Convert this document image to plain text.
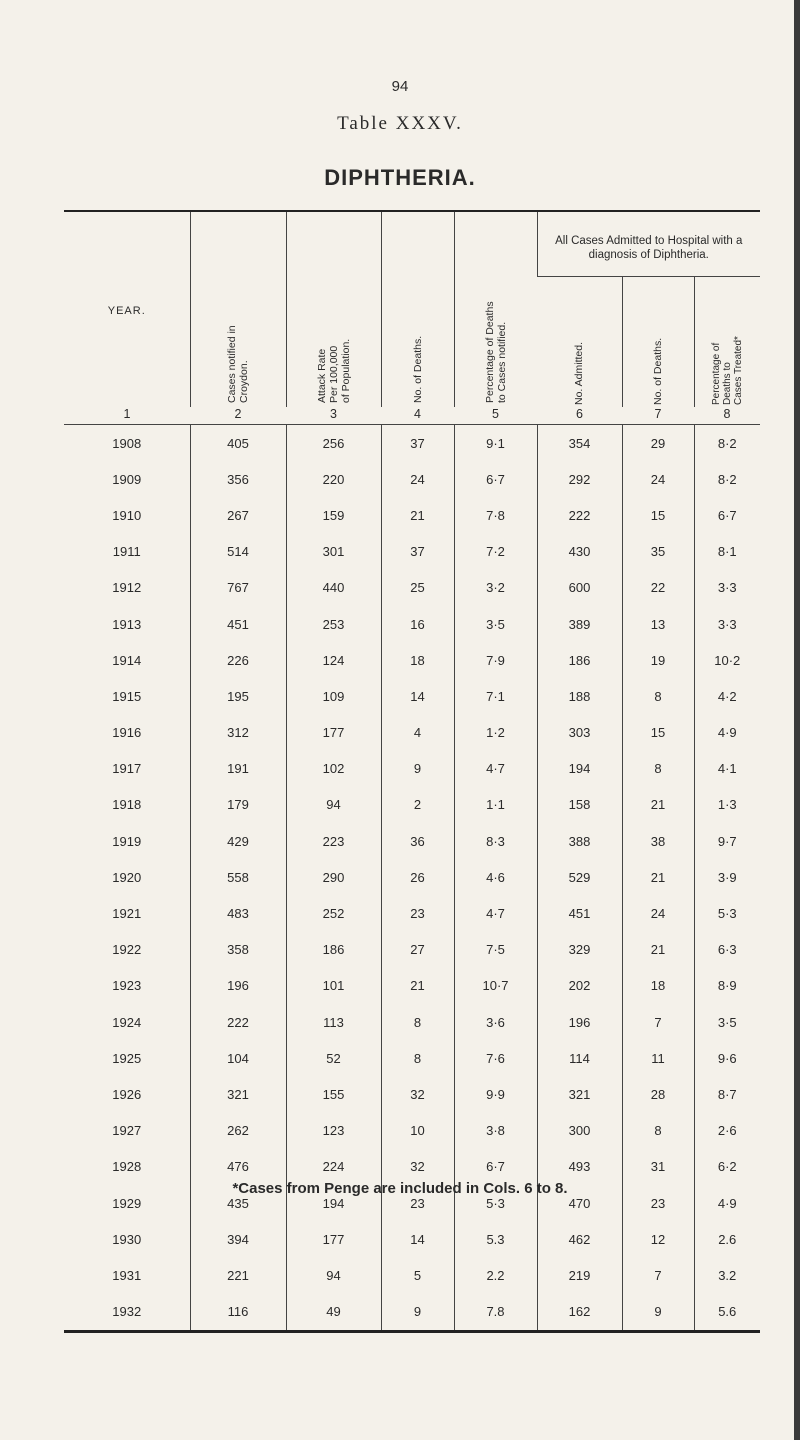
94
Table XXXV.
DIPHTHERIA.

YEAR.	Cases notified in Croydon.	Attack Rate
Per 100,000
of Population.	No. of Deaths.	Percentage of Deaths
to Cases notified.	All Cases Admitted to Hospital with a diagnosis of Diphtheria.		

					No. Admitted.	No. of Deaths.	Percentage of
Deaths to
Cases Treated*

1	2	3	4	5	6	7	8
1908	405	256	37	9·1	354	29	8·2
1909	356	220	24	6·7	292	24	8·2
1910	267	159	21	7·8	222	15	6·7
1911	514	301	37	7·2	430	35	8·1
1912	767	440	25	3·2	600	22	3·3
1913	451	253	16	3·5	389	13	3·3
1914	226	124	18	7·9	186	19	10·2
1915	195	109	14	7·1	188	8	4·2
1916	312	177	4	1·2	303	15	4·9
1917	191	102	9	4·7	194	8	4·1
1918	179	94	2	1·1	158	21	1·3
1919	429	223	36	8·3	388	38	9·7
1920	558	290	26	4·6	529	21	3·9
1921	483	252	23	4·7	451	24	5·3
1922	358	186	27	7·5	329	21	6·3
1923	196	101	21	10·7	202	18	8·9
1924	222	113	8	3·6	196	7	3·5
1925	104	52	8	7·6	114	11	9·6
1926	321	155	32	9·9	321	28	8·7
1927	262	123	10	3·8	300	8	2·6
1928	476	224	32	6·7	493	31	6·2
1929	435	194	23	5·3	470	23	4·9
1930	394	177	14	5.3	462	12	2.6
1931	221	94	5	2.2	219	7	3.2
1932	116	49	9	7.8	162	9	5.6
*Cases from Penge are included in Cols. 6 to 8.
